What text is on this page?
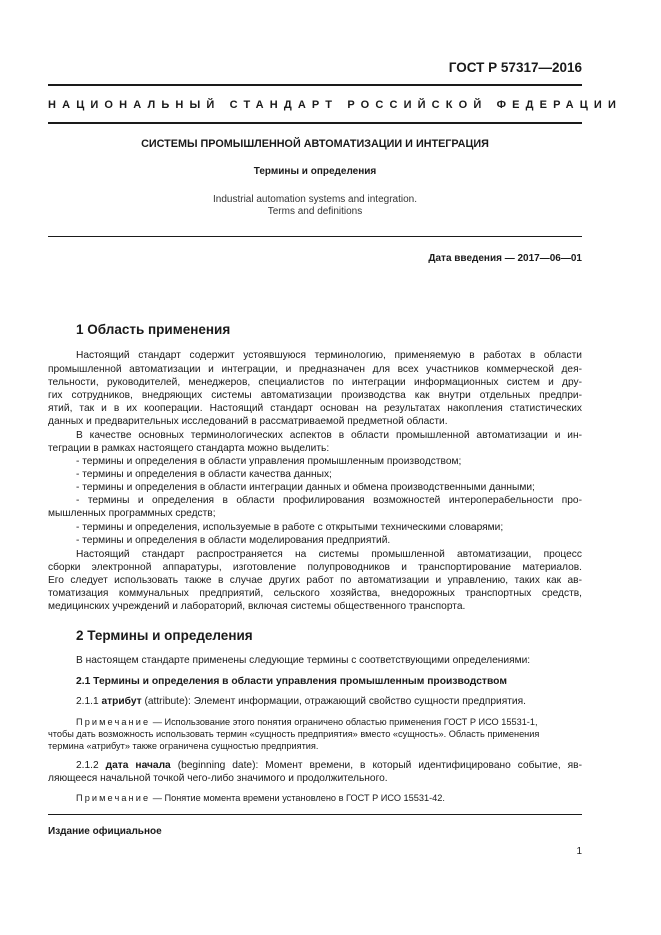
ГОСТ Р 57317—2016
НАЦИОНАЛЬНЫЙ СТАНДАРТ РОССИЙСКОЙ ФЕДЕРАЦИИ
СИСТЕМЫ ПРОМЫШЛЕННОЙ АВТОМАТИЗАЦИИ И ИНТЕГРАЦИЯ
Термины и определения
Industrial automation systems and integration.
Terms and definitions
Дата введения — 2017—06—01
1 Область применения
Настоящий стандарт содержит устоявшуюся терминологию, применяемую в работах в области
промышленной автоматизации и интеграции, и предназначен для всех участников коммерческой дея-
тельности, руководителей, менеджеров, специалистов по интеграции информационных систем и дру-
гих сотрудников, внедряющих системы автоматизации производства как внутри отдельных предпри-
ятий, так и в их кооперации. Настоящий стандарт основан на результатах накопления статистических
данных и предварительных исследований в рассматриваемой предметной области.
В качестве основных терминологических аспектов в области промышленной автоматизации и ин-
теграции в рамках настоящего стандарта можно выделить:
- термины и определения в области управления промышленным производством;
- термины и определения в области качества данных;
- термины и определения в области интеграции данных и обмена производственными данными;
- термины и определения в области профилирования возможностей интероперабельности про-
мышленных программных средств;
- термины и определения, используемые в работе с открытыми техническими словарями;
- термины и определения в области моделирования предприятий.
Настоящий стандарт распространяется на системы промышленной автоматизации, процесс
сборки электронной аппаратуры, изготовление полупроводников и транспортирование материалов.
Его следует использовать также в случае других работ по автоматизации и управлению, таких как ав-
томатизация коммунальных предприятий, сельского хозяйства, внедорожных транспортных средств,
медицинских учреждений и лабораторий, включая системы общественного транспорта.
2 Термины и определения
В настоящем стандарте применены следующие термины с соответствующими определениями:
2.1 Термины и определения в области управления промышленным производством
2.1.1 атрибут (attribute): Элемент информации, отражающий свойство сущности предприятия.
Примечание — Использование этого понятия ограничено областью применения ГОСТ Р ИСО 15531-1,
чтобы дать возможность использовать термин «сущность предприятия» вместо «сущность». Область применения
термина «атрибут» также ограничена сущностью предприятия.
2.1.2 дата начала (beginning date): Момент времени, в который идентифицировано событие, яв-
ляющееся начальной точкой чего-либо значимого и продолжительного.
Примечание — Понятие момента времени установлено в ГОСТ Р ИСО 15531-42.
Издание официальное
1
